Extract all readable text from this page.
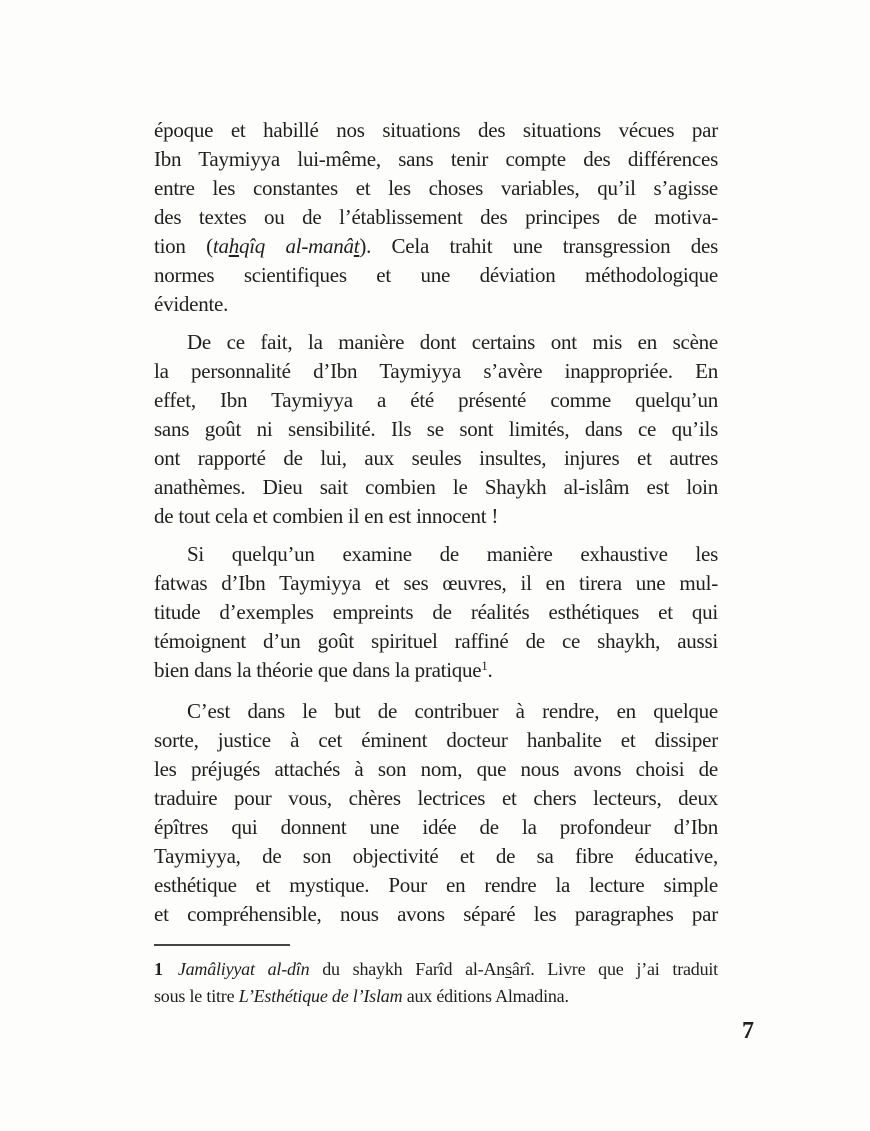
époque et habillé nos situations des situations vécues par
Ibn Taymiyya lui-même, sans tenir compte des différences
entre les constantes et les choses variables, qu’il s’agisse
des textes ou de l’établissement des principes de motiva-
tion (tahqîq al-manât). Cela trahit une transgression des
normes scientifiques et une déviation méthodologique
évidente.
De ce fait, la manière dont certains ont mis en scène
la personnalité d’Ibn Taymiyya s’avère inappropriée. En
effet, Ibn Taymiyya a été présenté comme quelqu’un
sans goût ni sensibilité. Ils se sont limités, dans ce qu’ils
ont rapporté de lui, aux seules insultes, injures et autres
anathèmes. Dieu sait combien le Shaykh al-islâm est loin
de tout cela et combien il en est innocent !
Si quelqu’un examine de manière exhaustive les
fatwas d’Ibn Taymiyya et ses œuvres, il en tirera une mul-
titude d’exemples empreints de réalités esthétiques et qui
témoignent d’un goût spirituel raffiné de ce shaykh, aussi
bien dans la théorie que dans la pratique$^1$.
C’est dans le but de contribuer à rendre, en quelque
sorte, justice à cet éminent docteur hanbalite et dissiper
les préjugés attachés à son nom, que nous avons choisi de
traduire pour vous, chères lectrices et chers lecteurs, deux
épîtres qui donnent une idée de la profondeur d’Ibn
Taymiyya, de son objectivité et de sa fibre éducative,
esthétique et mystique. Pour en rendre la lecture simple
et compréhensible, nous avons séparé les paragraphes par
1 Jamâliyyat al-dîn du shaykh Farîd al-Ansârî. Livre que j’ai traduit
sous le titre L’Esthétique de l’Islam aux éditions Almadina.
7
